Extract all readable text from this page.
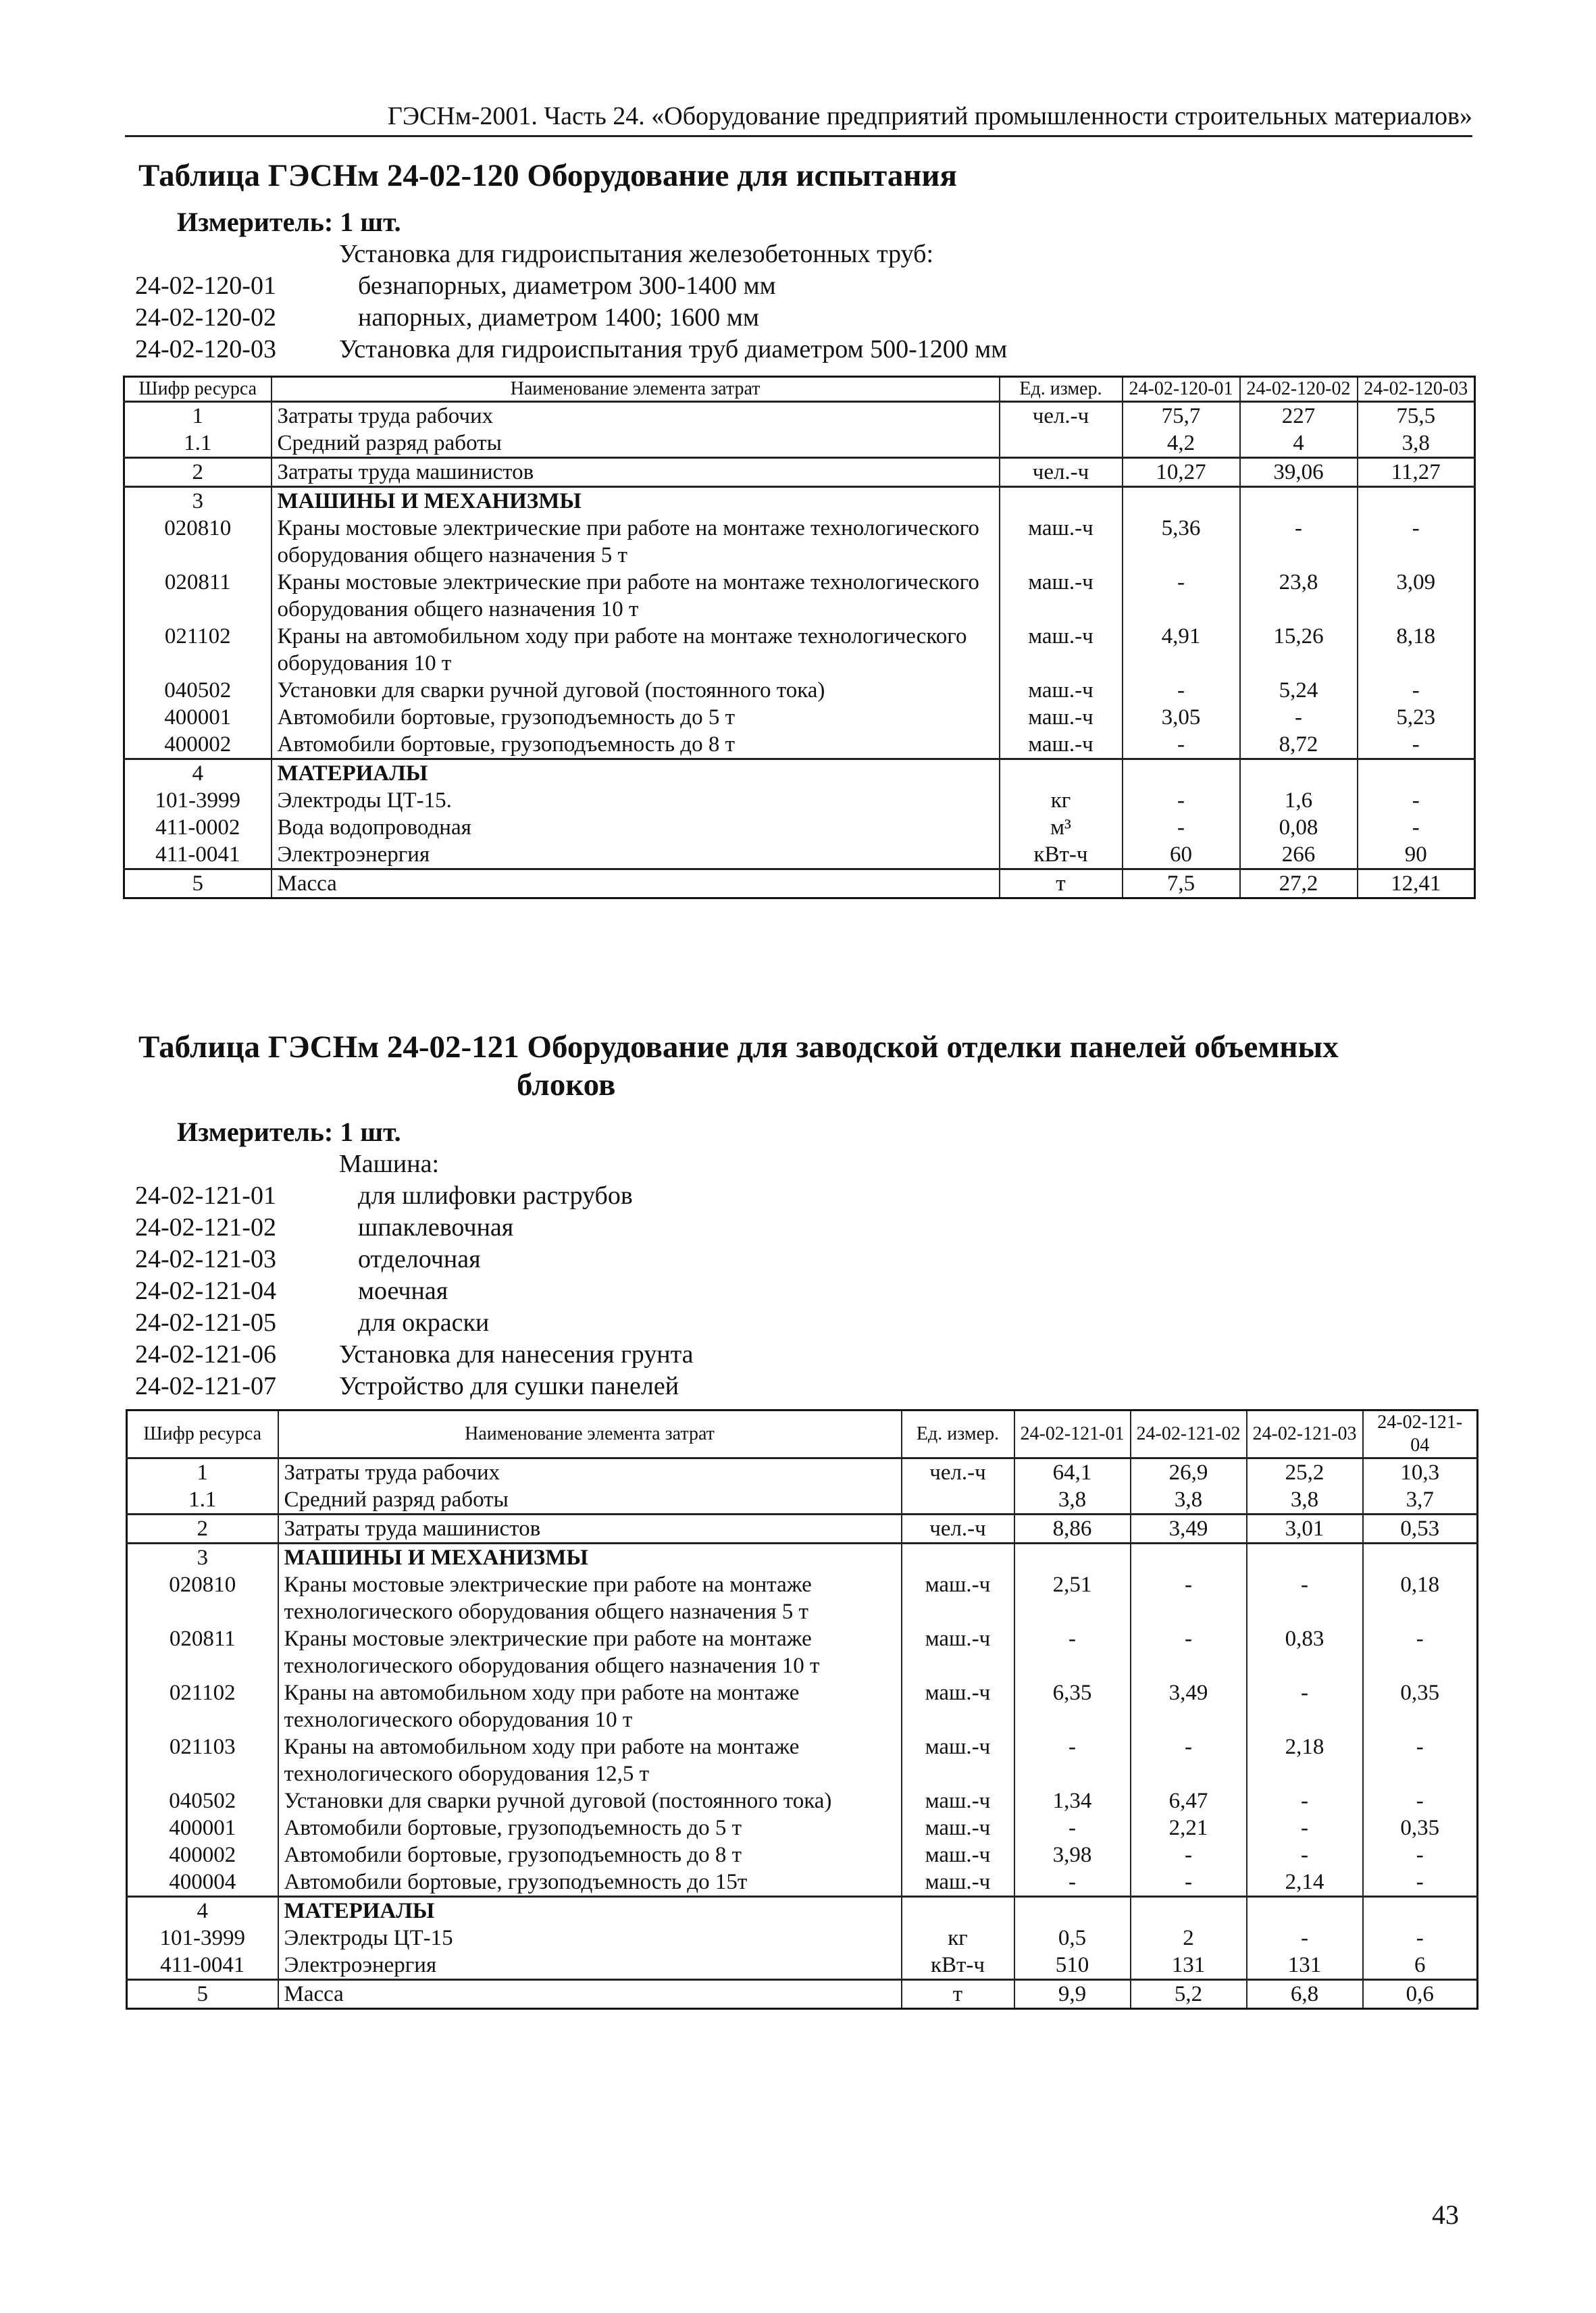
ГЭСНм-2001. Часть 24. «Оборудование предприятий промышленности строительных материалов»
Таблица ГЭСНм 24-02-120 Оборудование для испытания
Измеритель: 1 шт.
Установка для гидроиспытания железобетонных труб:
24-02-120-01	безнапорных, диаметром 300-1400 мм
24-02-120-02	напорных, диаметром 1400; 1600 мм
24-02-120-03 Установка для гидроиспытания труб диаметром 500-1200 мм
Шифр ресурса	Наименование элемента затрат	Ед. измер.	24-02-120-01	24-02-120-02	24-02-120-03
1	Затраты труда рабочих	чел.-ч	75,7	227	75,5
1.1	Средний разряд работы		4,2	4	3,8
2	Затраты труда машинистов	чел.-ч	10,27	39,06	11,27
3	МАШИНЫ И МЕХАНИЗМЫ				
020810	Краны мостовые электрические при работе на монтаже технологического оборудования общего назначения 5 т	маш.-ч	5,36	-	-
020811	Краны мостовые электрические при работе на монтаже технологического оборудования общего назначения 10 т	маш.-ч	-	23,8	3,09
021102	Краны на автомобильном ходу при работе на монтаже технологического оборудования 10 т	маш.-ч	4,91	15,26	8,18
040502	Установки для сварки ручной дуговой (постоянного тока)	маш.-ч	-	5,24	-
400001	Автомобили бортовые, грузоподъемность до 5 т	маш.-ч	3,05	-	5,23
400002	Автомобили бортовые, грузоподъемность до 8 т	маш.-ч	-	8,72	-
4	МАТЕРИАЛЫ				
101-3999	Электроды ЦТ-15.	кг	-	1,6	-
411-0002	Вода водопроводная	м³	-	0,08	-
411-0041	Электроэнергия	кВт-ч	60	266	90
5	Масса	т	7,5	27,2	12,41
Таблица ГЭСНм 24-02-121 Оборудование для заводской отделки панелей объемных
блоков
Измеритель: 1 шт.
Машина:
24-02-121-01	для шлифовки раструбов
24-02-121-02	шпаклевочная
24-02-121-03	отделочная
24-02-121-04	моечная
24-02-121-05	для окраски
24-02-121-06 Установка для нанесения грунта
24-02-121-07 Устройство для сушки панелей
Шифр ресурса	Наименование элемента затрат	Ед. измер.	24-02-121-01	24-02-121-02	24-02-121-03	24-02-121-04
1	Затраты труда рабочих	чел.-ч	64,1	26,9	25,2	10,3
1.1	Средний разряд работы		3,8	3,8	3,8	3,7
2	Затраты труда машинистов	чел.-ч	8,86	3,49	3,01	0,53
3	МАШИНЫ И МЕХАНИЗМЫ					
020810	Краны мостовые электрические при работе на монтаже технологического оборудования общего назначения 5 т	маш.-ч	2,51	-	-	0,18
020811	Краны мостовые электрические при работе на монтаже технологического оборудования общего назначения 10 т	маш.-ч	-	-	0,83	-
021102	Краны на автомобильном ходу при работе на монтаже технологического оборудования 10 т	маш.-ч	6,35	3,49	-	0,35
021103	Краны на автомобильном ходу при работе на монтаже технологического оборудования 12,5 т	маш.-ч	-	-	2,18	-
040502	Установки для сварки ручной дуговой (постоянного тока)	маш.-ч	1,34	6,47	-	-
400001	Автомобили бортовые, грузоподъемность до 5 т	маш.-ч	-	2,21	-	0,35
400002	Автомобили бортовые, грузоподъемность до 8 т	маш.-ч	3,98	-	-	-
400004	Автомобили бортовые, грузоподъемность до 15т	маш.-ч	-	-	2,14	-
4	МАТЕРИАЛЫ					
101-3999	Электроды ЦТ-15	кг	0,5	2	-	-
411-0041	Электроэнергия	кВт-ч	510	131	131	6
5	Масса	т	9,9	5,2	6,8	0,6
43
